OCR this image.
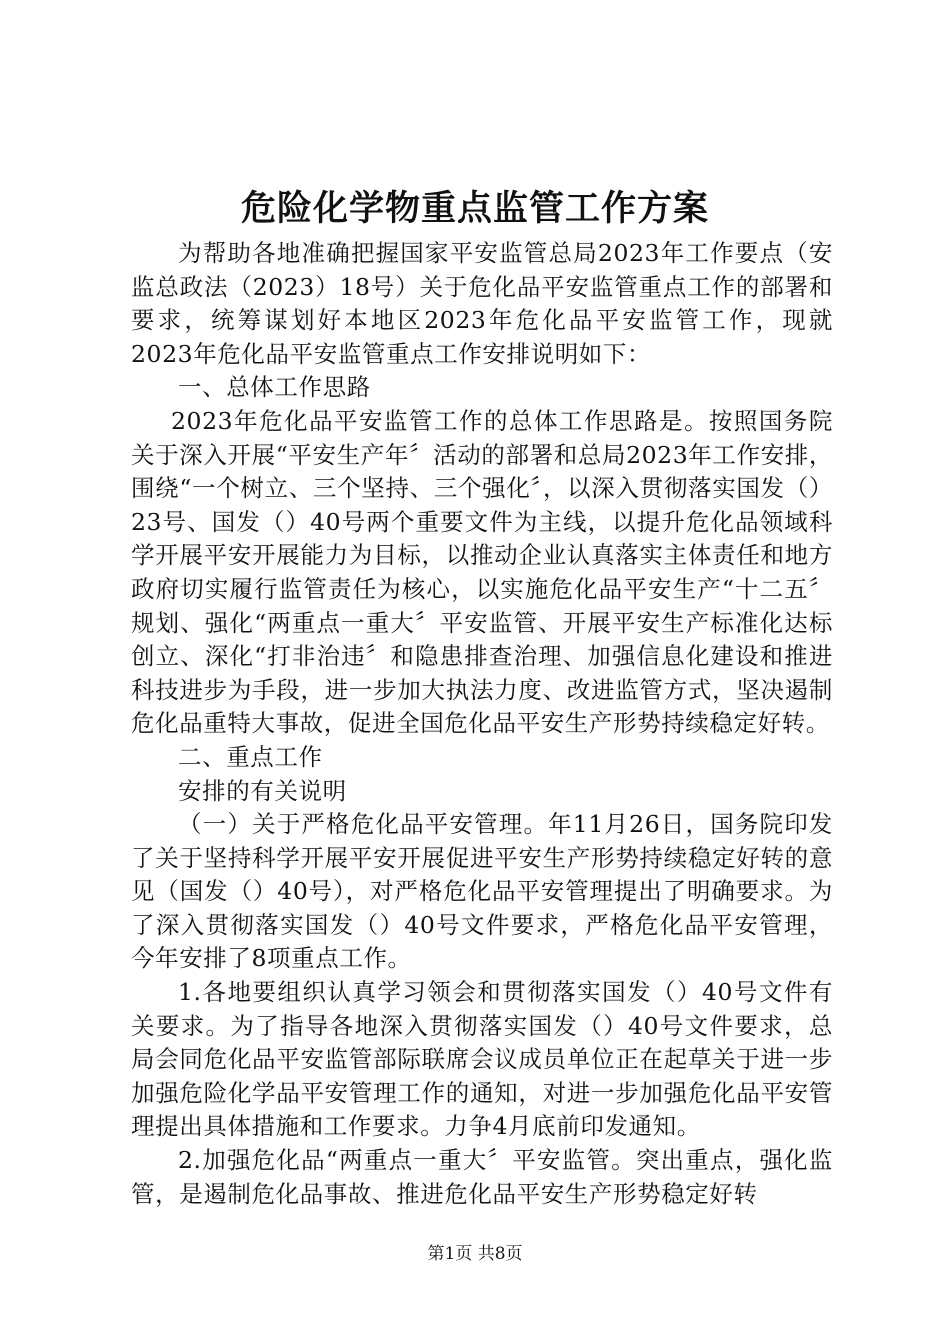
危险化学物重点监管工作方案

为帮助各地准确把握国家平安监管总局2023年工作要点（安监总政法（2023）18号）关于危化品平安监管重点工作的部署和要求，统筹谋划好本地区2023年危化品平安监管工作，现就2023年危化品平安监管重点工作安排说明如下：

一、总体工作思路

2023年危化品平安监管工作的总体工作思路是。按照国务院关于深入开展“平安生产年〞活动的部署和总局2023年工作安排，围绕“一个树立、三个坚持、三个强化〞，以深入贯彻落实国发（）23号、国发（）40号两个重要文件为主线，以提升危化品领域科学开展平安开展能力为目标，以推动企业认真落实主体责任和地方政府切实履行监管责任为核心，以实施危化品平安生产“十二五〞规划、强化“两重点一重大〞平安监管、开展平安生产标准化达标创立、深化“打非治违〞和隐患排查治理、加强信息化建设和推进科技进步为手段，进一步加大执法力度、改进监管方式，坚决遏制危化品重特大事故，促进全国危化品平安生产形势持续稳定好转。

二、重点工作

安排的有关说明

（一）关于严格危化品平安管理。年11月26日，国务院印发了关于坚持科学开展平安开展促进平安生产形势持续稳定好转的意见（国发（）40号），对严格危化品平安管理提出了明确要求。为了深入贯彻落实国发（）40号文件要求，严格危化品平安管理，今年安排了8项重点工作。

1.各地要组织认真学习领会和贯彻落实国发（）40号文件有关要求。为了指导各地深入贯彻落实国发（）40号文件要求，总局会同危化品平安监管部际联席会议成员单位正在起草关于进一步加强危险化学品平安管理工作的通知，对进一步加强危化品平安管理提出具体措施和工作要求。力争4月底前印发通知。

2.加强危化品“两重点一重大〞平安监管。突出重点，强化监管，是遏制危化品事故、推进危化品平安生产形势稳定好转

第1页 共8页
